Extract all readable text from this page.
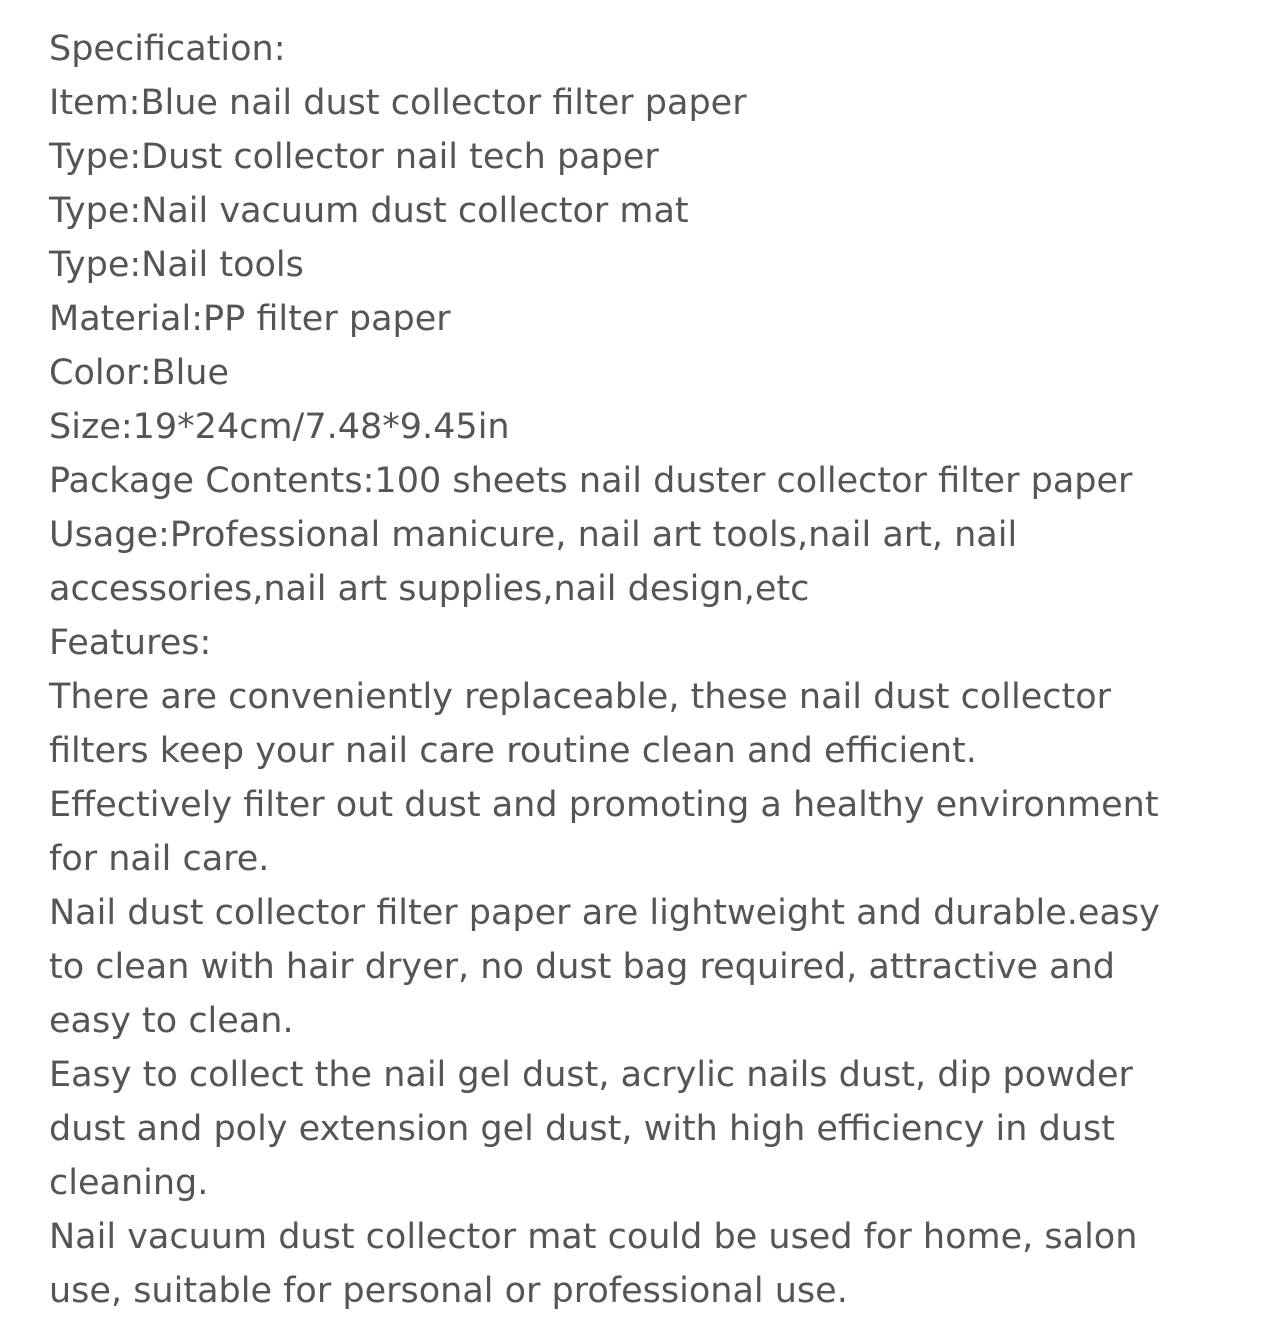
Specification:
Item:Blue nail dust collector filter paper
Type:Dust collector nail tech paper
Type:Nail vacuum dust collector mat
Type:Nail tools
Material:PP filter paper
Color:Blue
Size:19*24cm/7.48*9.45in
Package Contents:100 sheets nail duster collector filter paper
Usage:Professional manicure, nail art tools,nail art, nail
accessories,nail art supplies,nail design,etc
Features:
There are conveniently replaceable, these nail dust collector
filters keep your nail care routine clean and efficient.
Effectively filter out dust and promoting a healthy environment
for nail care.
Nail dust collector filter paper are lightweight and durable.easy
to clean with hair dryer, no dust bag required, attractive and
easy to clean.
Easy to collect the nail gel dust, acrylic nails dust, dip powder
dust and poly extension gel dust, with high efficiency in dust
cleaning.
Nail vacuum dust collector mat could be used for home, salon
use, suitable for personal or professional use.
